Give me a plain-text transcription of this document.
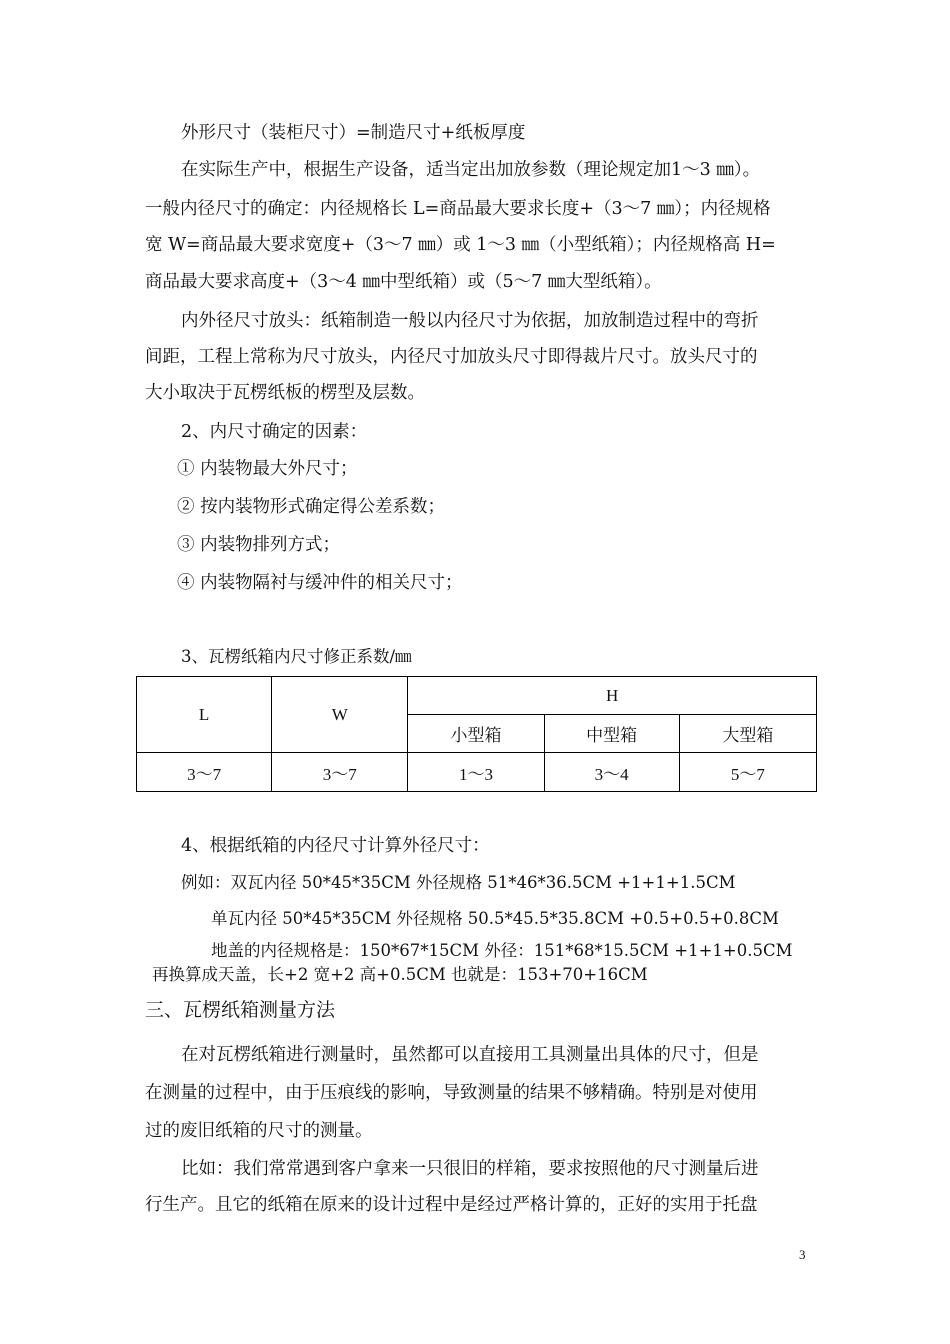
外形尺寸（装柜尺寸）=制造尺寸+纸板厚度
在实际生产中，根据生产设备，适当定出加放参数（理论规定加1～3 ㎜）。
一般内径尺寸的确定：内径规格长 L=商品最大要求长度+（3～7 ㎜）；内径规格
宽 W=商品最大要求宽度+（3～7 ㎜）或 1～3 ㎜（小型纸箱）；内径规格高 H=
商品最大要求高度+（3～4 ㎜中型纸箱）或（5～7 ㎜大型纸箱）。
内外径尺寸放头：纸箱制造一般以内径尺寸为依据，加放制造过程中的弯折
间距，工程上常称为尺寸放头，内径尺寸加放头尺寸即得裁片尺寸。放头尺寸的
大小取决于瓦楞纸板的楞型及层数。
2、内尺寸确定的因素：
① 内装物最大外尺寸；
② 按内装物形式确定得公差系数；
③ 内装物排列方式；
④ 内装物隔衬与缓冲件的相关尺寸；
3、瓦楞纸箱内尺寸修正系数/㎜
L	W	H		
		小型箱	中型箱	大型箱
3～7	3～7	1～3	3～4	5～7
4、根据纸箱的内径尺寸计算外径尺寸：
例如：双瓦内径 50*45*35CM 外径规格 51*46*36.5CM +1+1+1.5CM
单瓦内径 50*45*35CM 外径规格 50.5*45.5*35.8CM +0.5+0.5+0.8CM
地盖的内径规格是：150*67*15CM 外径：151*68*15.5CM +1+1+0.5CM
再换算成天盖，长+2 宽+2 高+0.5CM 也就是：153+70+16CM
三、瓦楞纸箱测量方法
在对瓦楞纸箱进行测量时，虽然都可以直接用工具测量出具体的尺寸，但是
在测量的过程中，由于压痕线的影响，导致测量的结果不够精确。特别是对使用
过的废旧纸箱的尺寸的测量。
比如：我们常常遇到客户拿来一只很旧的样箱，要求按照他的尺寸测量后进
行生产。且它的纸箱在原来的设计过程中是经过严格计算的，正好的实用于托盘
3
